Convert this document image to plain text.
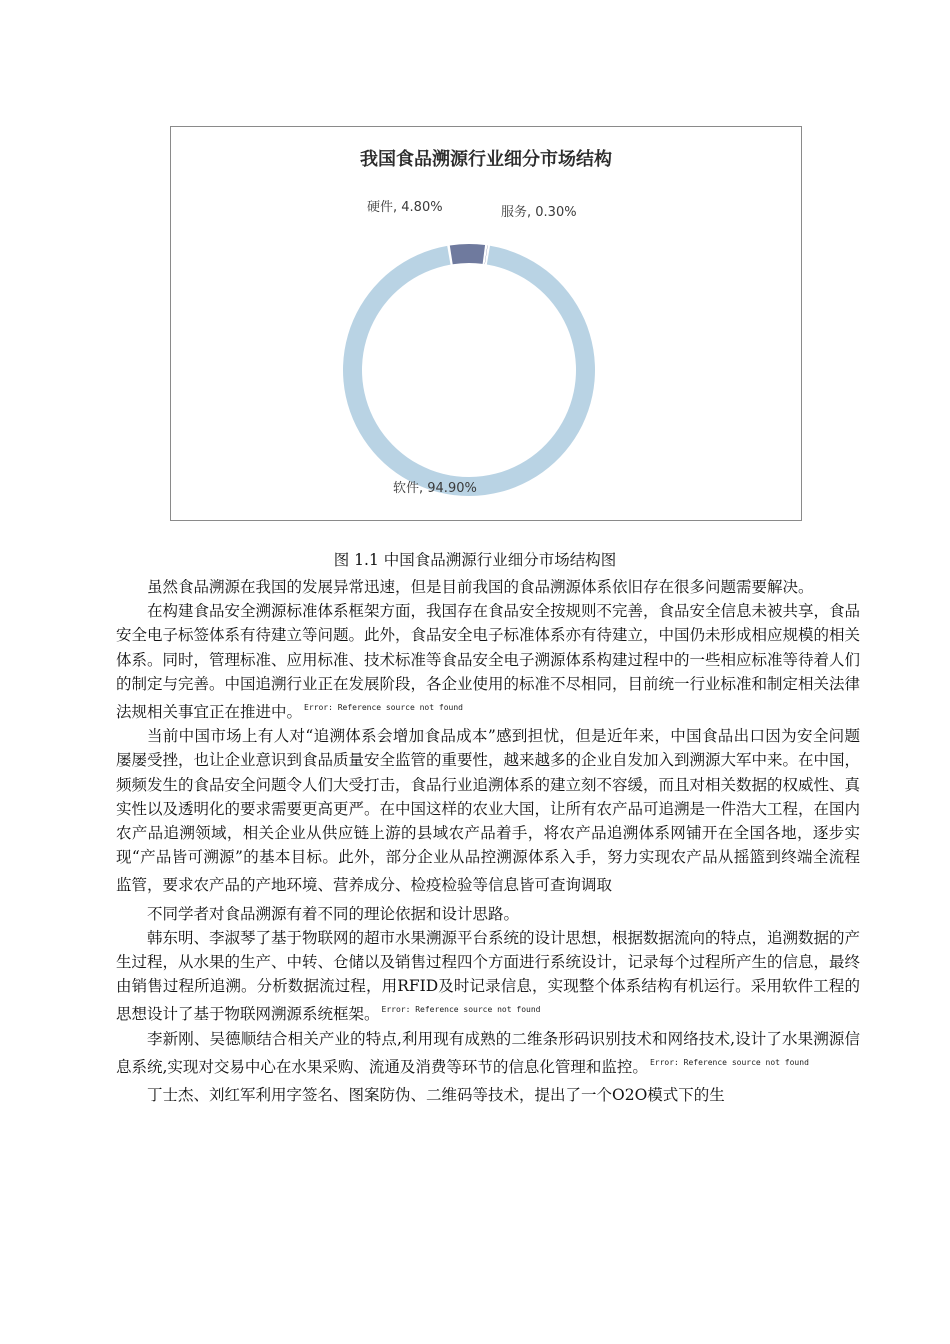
软件, 94.90%
硬件, 4.80%	服务, 0.30%
我国食品溯源行业细分市场结构
图 1.1 中国食品溯源行业细分市场结构图

虽然食品溯源在我国的发展异常迅速，但是目前我国的食品溯源体系依旧存在很多问题需要解决。

在构建食品安全溯源标准体系框架方面，我国存在食品安全按规则不完善，食品安全信息未被共享，食品安全电子标签体系有待建立等问题。此外，食品安全电子标准体系亦有待建立，中国仍未形成相应规模的相关体系。同时，管理标准、应用标准、技术标准等食品安全电子溯源体系构建过程中的一些相应标准等待着人们的制定与完善。中国追溯行业正在发展阶段，各企业使用的标准不尽相同，目前统一行业标准和制定相关法律法规相关事宜正在推进中。 $^{Error: Reference source not found}$

当前中国市场上有人对“追溯体系会增加食品成本”感到担忧，但是近年来，中国食品出口因为安全问题屡屡受挫，也让企业意识到食品质量安全监管的重要性，越来越多的企业自发加入到溯源大军中来。在中国，频频发生的食品安全问题令人们大受打击，食品行业追溯体系的建立刻不容缓，而且对相关数据的权威性、真实性以及透明化的要求需要更高更严。在中国这样的农业大国，让所有农产品可追溯是一件浩大工程，在国内农产品追溯领域，相关企业从供应链上游的县域农产品着手，将农产品追溯体系网铺开在全国各地，逐步实现“产品皆可溯源”的基本目标。此外，部分企业从品控溯源体系入手，努力实现农产品从摇篮到终端全流程监管，要求农产品的产地环境、营养成分、检疫检验等信息皆可查询调取

不同学者对食品溯源有着不同的理论依据和设计思路。

韩东明、李淑琴了基于物联网的超市水果溯源平台系统的设计思想，根据数据流向的特点，追溯数据的产生过程，从水果的生产、中转、仓储以及销售过程四个方面进行系统设计，记录每个过程所产生的信息，最终由销售过程所追溯。分析数据流过程，用RFID及时记录信息，实现整个体系结构有机运行。采用软件工程的思想设计了基于物联网溯源系统框架。 $^{Error: Reference source not found}$

李新刚、吴德顺结合相关产业的特点,利用现有成熟的二维条形码识别技术和网络技术,设计了水果溯源信息系统,实现对交易中心在水果采购、流通及消费等环节的信息化管理和监控。 $^{Error: Reference source not found}$

丁士杰、刘红军利用字签名、图案防伪、二维码等技术，提出了一个O2O模式下的生
